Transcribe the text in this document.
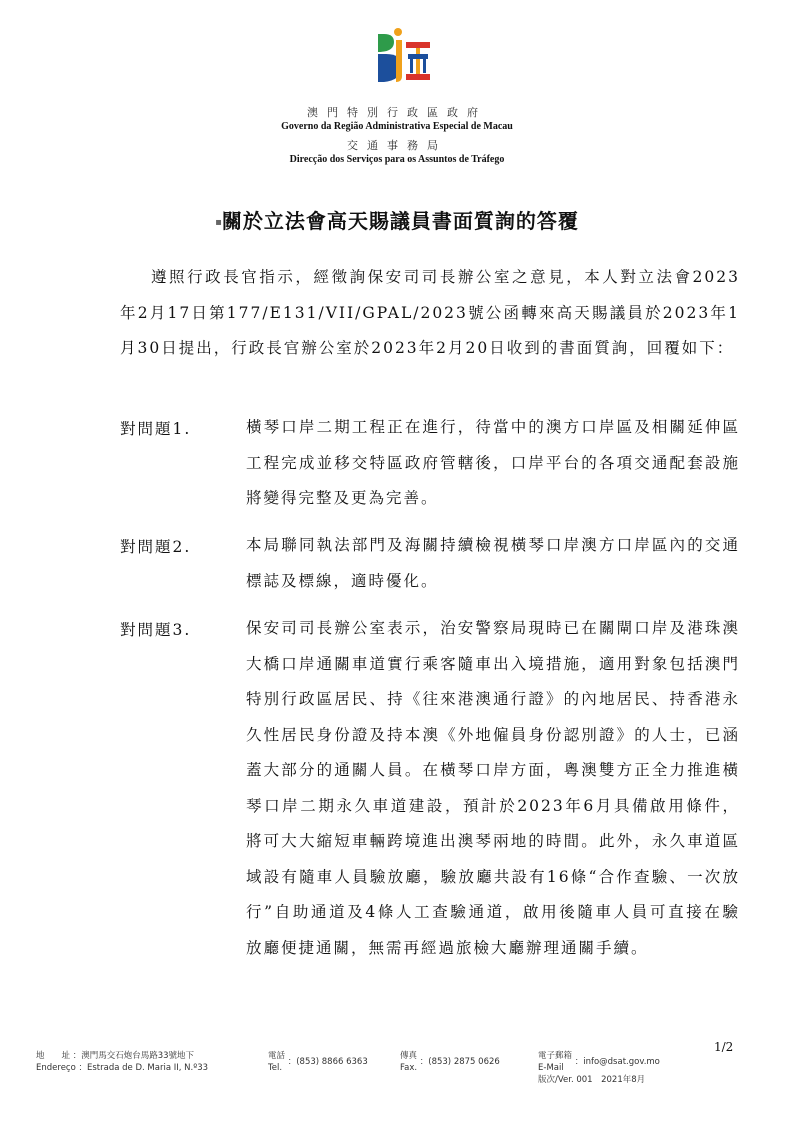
澳門特別行政區政府
Governo da Região Administrativa Especial de Macau
交通事務局
Direcção dos Serviços para os Assuntos de Tráfego
▪關於立法會高天賜議員書面質詢的答覆

遵照行政長官指示，經徵詢保安司司長辦公室之意見，本人對立法會2023年2月17日第177/E131/VII/GPAL/2023號公函轉來高天賜議員於2023年1月30日提出，行政長官辦公室於2023年2月20日收到的書面質詢，回覆如下：

對問題1.	橫琴口岸二期工程正在進行，待當中的澳方口岸區及相關延伸區工程完成並移交特區政府管轄後，口岸平台的各項交通配套設施將變得完整及更為完善。
對問題2.	本局聯同執法部門及海關持續檢視橫琴口岸澳方口岸區內的交通標誌及標線，適時優化。
對問題3.	保安司司長辦公室表示，治安警察局現時已在關閘口岸及港珠澳大橋口岸通關車道實行乘客隨車出入境措施，適用對象包括澳門特別行政區居民、持《往來港澳通行證》的內地居民、持香港永久性居民身份證及持本澳《外地僱員身份認別證》的人士，已涵蓋大部分的通關人員。在橫琴口岸方面，粵澳雙方正全力推進橫琴口岸二期永久車道建設，預計於2023年6月具備啟用條件，將可大大縮短車輛跨境進出澳琴兩地的時間。此外，永久車道區域設有隨車人員驗放廳，驗放廳共設有16條“合作查驗、一次放行”自助通道及4條人工查驗通道，啟用後隨車人員可直接在驗放廳便捷通關，無需再經過旅檢大廳辦理通關手續。
1/2
地　　址 ：澳門馬交石炮台馬路33號地下
Endereço ：Estrada de D. Maria II, N.º33
電話
Tel.
：(853) 8866 6363
傳真
Fax.
：(853) 2875 0626
電子郵箱
E-Mail
：info@dsat.gov.mo
版次/Ver. 001　2021年8月
